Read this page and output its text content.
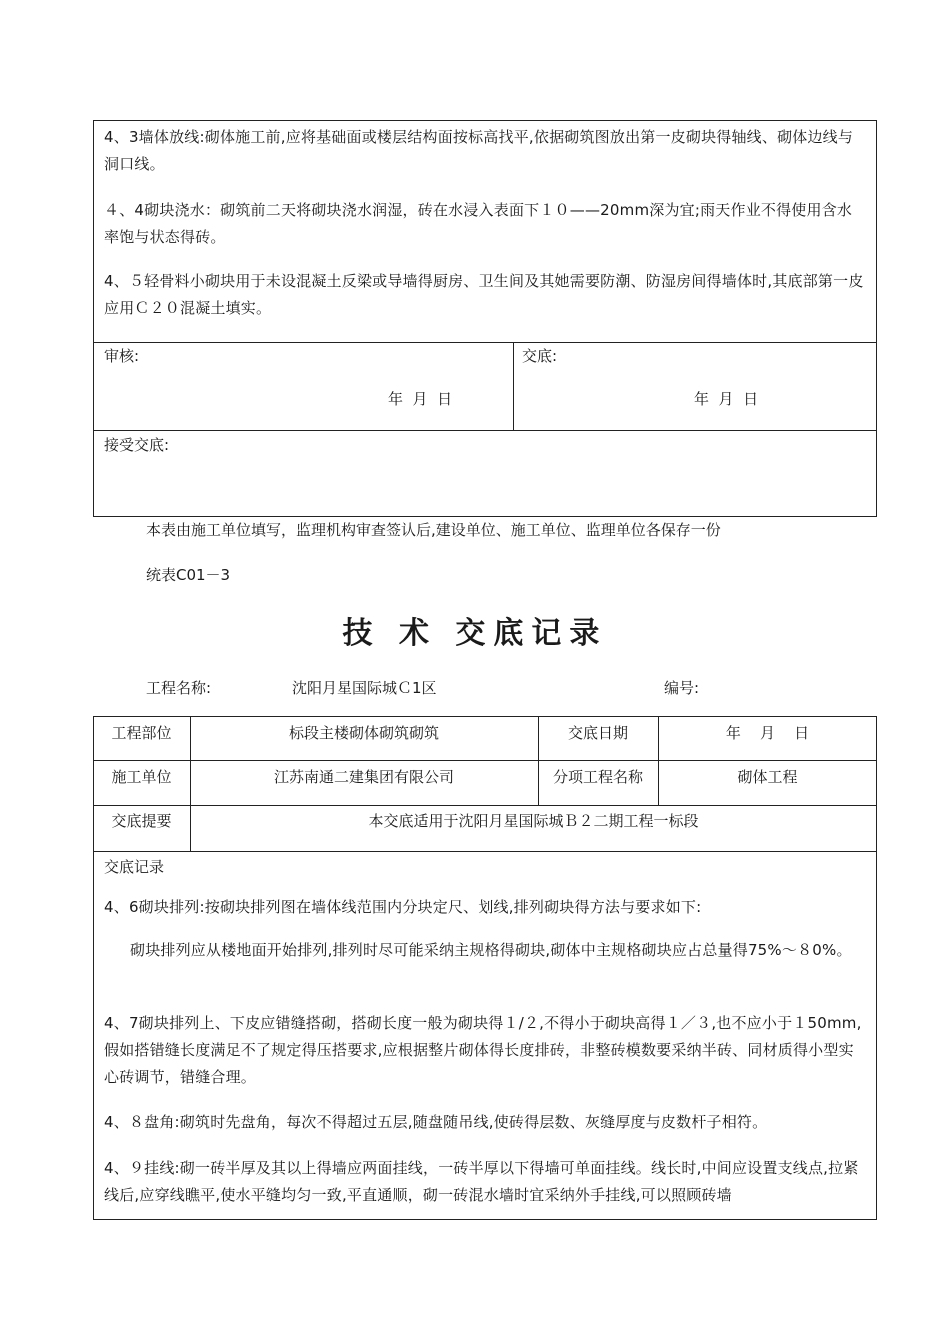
4、3墙体放线:砌体施工前,应将基础面或楼层结构面按标高找平,依据砌筑图放出第一皮砌块得轴线、砌体边线与洞口线。
４、4砌块浇水：砌筑前二天将砌块浇水润湿，砖在水浸入表面下１０——20mm深为宜;雨天作业不得使用含水率饱与状态得砖。
4、５轻骨料小砌块用于未设混凝土反梁或导墙得厨房、卫生间及其她需要防潮、防湿房间得墙体时,其底部第一皮应用Ｃ２０混凝土填实。
审核:
年  月  日
交底:
年  月  日
接受交底:
本表由施工单位填写，监理机构审查签认后,建设单位、施工单位、监理单位各保存一份
统表C01－3
技 术 交底记录
工程名称:	沈阳月星国际城Ｃ1区	编号:
工程部位	标段主楼砌体砌筑砌筑	交底日期	年    月    日
施工单位	江苏南通二建集团有限公司	分项工程名称	砌体工程
交底提要	本交底适用于沈阳月星国际城Ｂ２二期工程一标段
交底记录
4、6砌块排列:按砌块排列图在墙体线范围内分块定尺、划线,排列砌块得方法与要求如下:
砌块排列应从楼地面开始排列,排列时尽可能采纳主规格得砌块,砌体中主规格砌块应占总量得75%～８0%。
4、7砌块排列上、下皮应错缝搭砌，搭砌长度一般为砌块得１/２,不得小于砌块高得１／３,也不应小于１50mm,假如搭错缝长度满足不了规定得压搭要求,应根据整片砌体得长度排砖，非整砖模数要采纳半砖、同材质得小型实心砖调节，错缝合理。
4、８盘角:砌筑时先盘角，每次不得超过五层,随盘随吊线,使砖得层数、灰缝厚度与皮数杆子相符。
4、９挂线:砌一砖半厚及其以上得墙应两面挂线，一砖半厚以下得墙可单面挂线。线长时,中间应设置支线点,拉紧线后,应穿线瞧平,使水平缝均匀一致,平直通顺，砌一砖混水墙时宜采纳外手挂线,可以照顾砖墙
